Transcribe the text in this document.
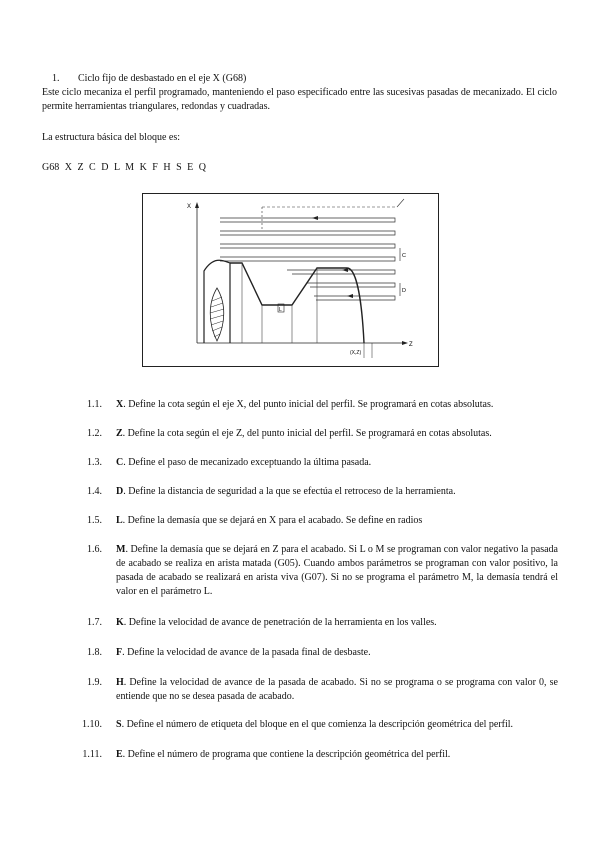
1. Ciclo fijo de desbastado en el eje X (G68)
Este ciclo mecaniza el perfil programado, manteniendo el paso especificado entre las sucesivas pasadas de mecanizado. El ciclo permite herramientas triangulares, redondas y cuadradas.
La estructura básica del bloque es:
G68 X Z C D L M K F H S E Q
X
Z
L
C
D
(X,Z)
1.1. X. Define la cota según el eje X, del punto inicial del perfil. Se programará en cotas absolutas.
1.2. Z. Define la cota según el eje Z, del punto inicial del perfil. Se programará en cotas absolutas.
1.3. C. Define el paso de mecanizado exceptuando la última pasada.
1.4. D. Define la distancia de seguridad a la que se efectúa el retroceso de la herramienta.
1.5. L. Define la demasía que se dejará en X para el acabado. Se define en radios
1.6. M. Define la demasía que se dejará en Z para el acabado. Si L o M se programan con valor negativo la pasada de acabado se realiza en arista matada (G05). Cuando ambos parámetros se programan con valor positivo, la pasada de acabado se realizará en arista viva (G07). Si no se programa el parámetro M, la demasía tendrá el valor en el parámetro L.
1.7. K. Define la velocidad de avance de penetración de la herramienta en los valles.
1.8. F. Define la velocidad de avance de la pasada final de desbaste.
1.9. H. Define la velocidad de avance de la pasada de acabado. Si no se programa o se programa con valor 0, se entiende que no se desea pasada de acabado.
1.10. S. Define el número de etiqueta del bloque en el que comienza la descripción geométrica del perfil.
1.11. E. Define el número de programa que contiene la descripción geométrica del perfil.
